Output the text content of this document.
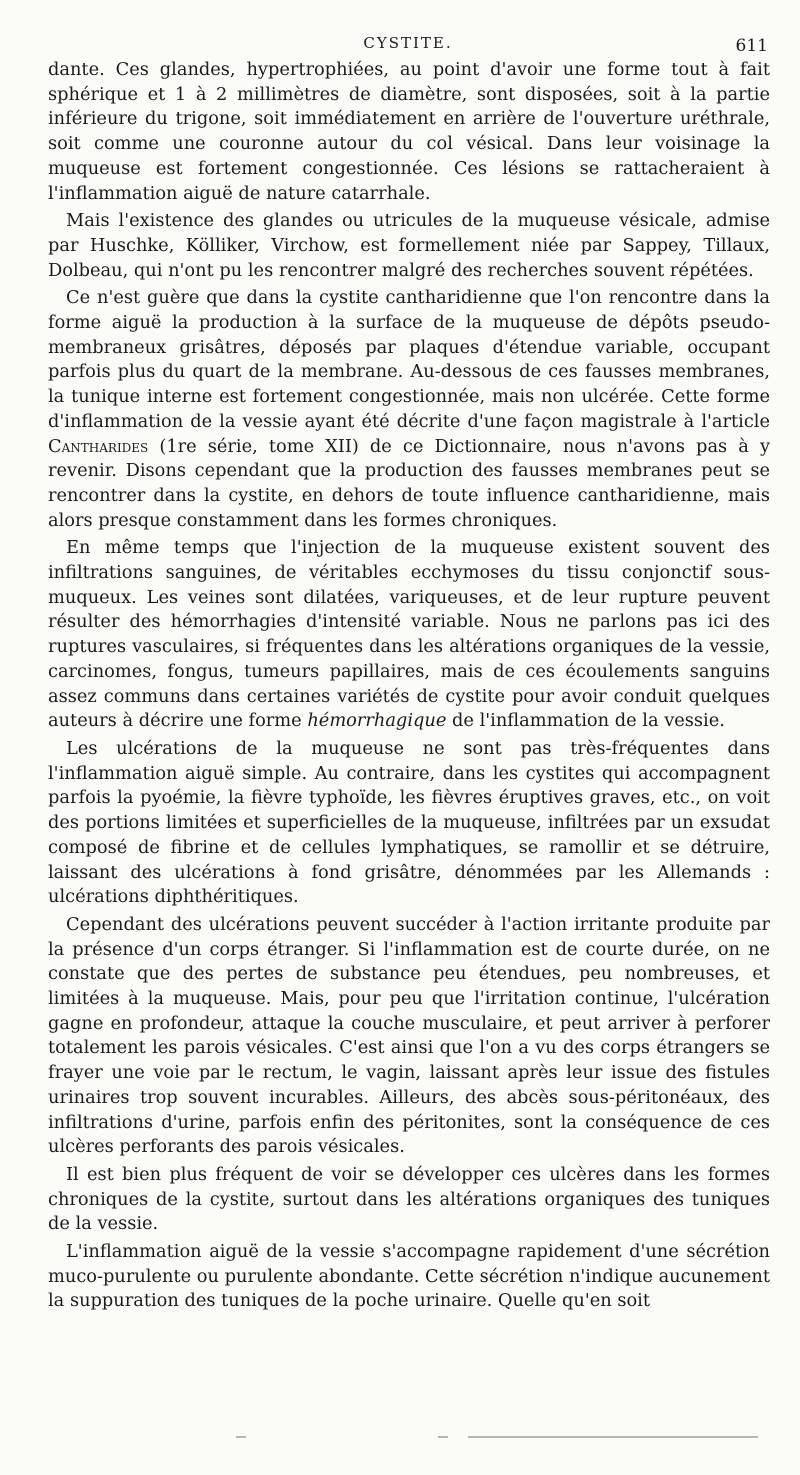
CYSTITE.	611

dante. Ces glandes, hypertrophiées, au point d'avoir une forme tout à fait sphérique et 1 à 2 millimètres de diamètre, sont disposées, soit à la partie inférieure du trigone, soit immédiatement en arrière de l'ouverture uréthrale, soit comme une couronne autour du col vésical. Dans leur voisinage la muqueuse est fortement congestionnée. Ces lésions se rattacheraient à l'inflammation aiguë de nature catarrhale.

Mais l'existence des glandes ou utricules de la muqueuse vésicale, admise par Huschke, Kölliker, Virchow, est formellement niée par Sappey, Tillaux, Dolbeau, qui n'ont pu les rencontrer malgré des recherches souvent répétées.

Ce n'est guère que dans la cystite cantharidienne que l'on rencontre dans la forme aiguë la production à la surface de la muqueuse de dépôts pseudo-membraneux grisâtres, déposés par plaques d'étendue variable, occupant parfois plus du quart de la membrane. Au-dessous de ces fausses membranes, la tunique interne est fortement congestionnée, mais non ulcérée. Cette forme d'inflammation de la vessie ayant été décrite d'une façon magistrale à l'article Cantharides (1re série, tome XII) de ce Dictionnaire, nous n'avons pas à y revenir. Disons cependant que la production des fausses membranes peut se rencontrer dans la cystite, en dehors de toute influence cantharidienne, mais alors presque constamment dans les formes chroniques.

En même temps que l'injection de la muqueuse existent souvent des infiltrations sanguines, de véritables ecchymoses du tissu conjonctif sous-muqueux. Les veines sont dilatées, variqueuses, et de leur rupture peuvent résulter des hémorrhagies d'intensité variable. Nous ne parlons pas ici des ruptures vasculaires, si fréquentes dans les altérations organiques de la vessie, carcinomes, fongus, tumeurs papillaires, mais de ces écoulements sanguins assez communs dans certaines variétés de cystite pour avoir conduit quelques auteurs à décrire une forme hémorrhagique de l'inflammation de la vessie.

Les ulcérations de la muqueuse ne sont pas très-fréquentes dans l'inflammation aiguë simple. Au contraire, dans les cystites qui accompagnent parfois la pyoémie, la fièvre typhoïde, les fièvres éruptives graves, etc., on voit des portions limitées et superficielles de la muqueuse, infiltrées par un exsudat composé de fibrine et de cellules lymphatiques, se ramollir et se détruire, laissant des ulcérations à fond grisâtre, dénommées par les Allemands : ulcérations diphthéritiques.

Cependant des ulcérations peuvent succéder à l'action irritante produite par la présence d'un corps étranger. Si l'inflammation est de courte durée, on ne constate que des pertes de substance peu étendues, peu nombreuses, et limitées à la muqueuse. Mais, pour peu que l'irritation continue, l'ulcération gagne en profondeur, attaque la couche musculaire, et peut arriver à perforer totalement les parois vésicales. C'est ainsi que l'on a vu des corps étrangers se frayer une voie par le rectum, le vagin, laissant après leur issue des fistules urinaires trop souvent incurables. Ailleurs, des abcès sous-péritonéaux, des infiltrations d'urine, parfois enfin des péritonites, sont la conséquence de ces ulcères perforants des parois vésicales.

Il est bien plus fréquent de voir se développer ces ulcères dans les formes chroniques de la cystite, surtout dans les altérations organiques des tuniques de la vessie.

L'inflammation aiguë de la vessie s'accompagne rapidement d'une sécrétion muco-purulente ou purulente abondante. Cette sécrétion n'indique aucunement la suppuration des tuniques de la poche urinaire. Quelle qu'en soit
